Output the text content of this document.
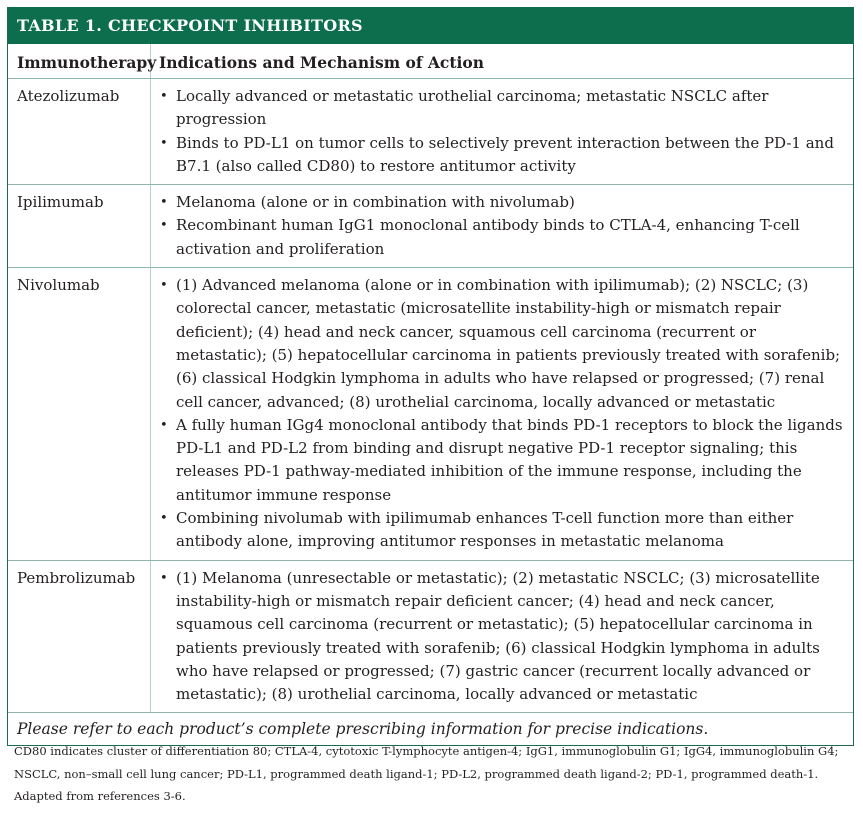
TABLE 1. CHECKPOINT INHIBITORS
Immunotherapy Indications and Mechanism of Action
Atezolizumab	• Locally advanced or metastatic urothelial carcinoma; metastatic NSCLC after progression
• Binds to PD-L1 on tumor cells to selectively prevent interaction between the PD-1 and B7.1 (also called CD80) to restore antitumor activity
Ipilimumab	• Melanoma (alone or in combination with nivolumab)
• Recombinant human IgG1 monoclonal antibody binds to CTLA-4, enhancing T-cell activation and proliferation
Nivolumab	• (1) Advanced melanoma (alone or in combination with ipilimumab); (2) NSCLC; (3) colorectal cancer, metastatic (microsatellite instability-high or mismatch repair deficient); (4) head and neck cancer, squamous cell carcinoma (recurrent or metastatic); (5) hepatocellular carcinoma in patients previously treated with sorafenib; (6) classical Hodgkin lymphoma in adults who have relapsed or progressed; (7) renal cell cancer, advanced; (8) urothelial carcinoma, locally advanced or metastatic
• A fully human IGg4 monoclonal antibody that binds PD-1 receptors to block the ligands PD-L1 and PD-L2 from binding and disrupt negative PD-1 receptor signaling; this releases PD-1 pathway-mediated inhibition of the immune response, including the antitumor immune response
• Combining nivolumab with ipilimumab enhances T-cell function more than either antibody alone, improving antitumor responses in metastatic melanoma
Pembrolizumab	• (1) Melanoma (unresectable or metastatic); (2) metastatic NSCLC; (3) microsatellite instability-high or mismatch repair deficient cancer; (4) head and neck cancer, squamous cell carcinoma (recurrent or metastatic); (5) hepatocellular carcinoma in patients previously treated with sorafenib; (6) classical Hodgkin lymphoma in adults who have relapsed or progressed; (7) gastric cancer (recurrent locally advanced or metastatic); (8) urothelial carcinoma, locally advanced or metastatic
Please refer to each product’s complete prescribing information for precise indications.

CD80 indicates cluster of differentiation 80; CTLA-4, cytotoxic T-lymphocyte antigen-4; IgG1, immunoglobulin G1; IgG4, immunoglobulin G4; NSCLC, non–small cell lung cancer; PD-L1, programmed death ligand-1; PD-L2, programmed death ligand-2; PD-1, programmed death-1.

Adapted from references 3-6.
